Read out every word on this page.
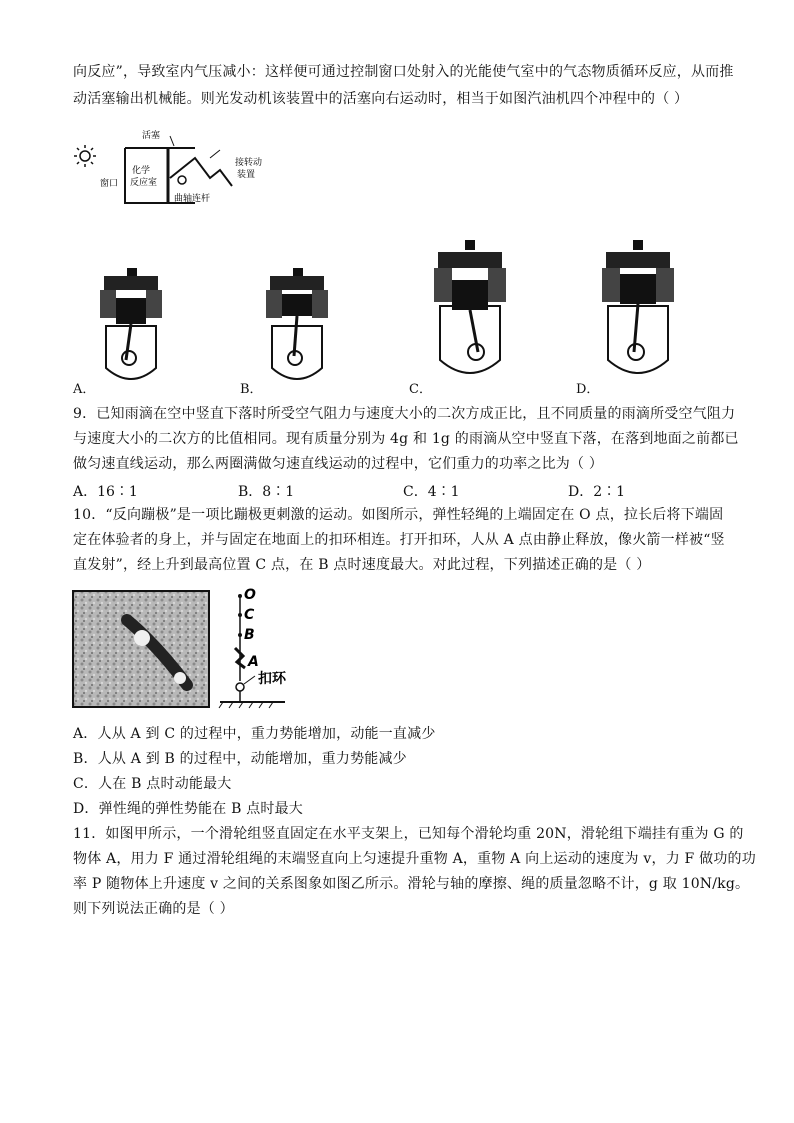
向反应”，导致室内气压减小：这样便可通过控制窗口处射入的光能使气室中的气态物质循环反应，从而推
动活塞输出机械能。则光发动机该装置中的活塞向右运动时，相当于如图汽油机四个冲程中的（ ）
活塞
窗口
化学
反应室
曲轴连杆
接转动
装置
A．	B．	C．	D．
9．已知雨滴在空中竖直下落时所受空气阻力与速度大小的二次方成正比，且不同质量的雨滴所受空气阻力
与速度大小的二次方的比值相同。现有质量分别为 4g 和 1g 的雨滴从空中竖直下落，在落到地面之前都已
做匀速直线运动，那么两圈满做匀速直线运动的过程中，它们重力的功率之比为（ ）
A．16∶1	B．8∶1	C．4∶1	D．2∶1
10．“反向蹦极”是一项比蹦极更刺激的运动。如图所示，弹性轻绳的上端固定在 O 点，拉长后将下端固
定在体验者的身上，并与固定在地面上的扣环相连。打开扣环，人从 A 点由静止释放，像火箭一样被“竖
直发射”，经上升到最高位置 C 点，在 B 点时速度最大。对此过程，下列描述正确的是（ ）
O
C
B
A
扣环
A．人从 A 到 C 的过程中，重力势能增加，动能一直减少
B．人从 A 到 B 的过程中，动能增加，重力势能减少
C．人在 B 点时动能最大
D．弹性绳的弹性势能在 B 点时最大
11．如图甲所示，一个滑轮组竖直固定在水平支架上，已知每个滑轮均重 20N，滑轮组下端挂有重为 G 的
物体 A，用力 F 通过滑轮组绳的末端竖直向上匀速提升重物 A，重物 A 向上运动的速度为 v，力 F 做功的功
率 P 随物体上升速度 v 之间的关系图象如图乙所示。滑轮与轴的摩擦、绳的质量忽略不计，g 取 10N/kg。
则下列说法正确的是（ ）
